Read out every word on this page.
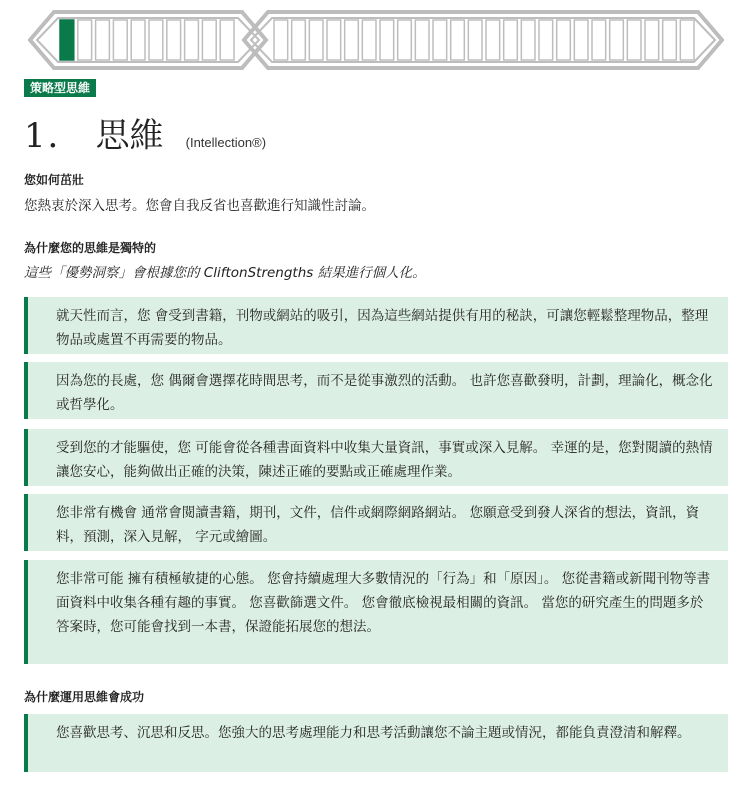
策略型思維
1． 思維 (Intellection®)
您如何茁壯
您熱衷於深入思考。您會自我反省也喜歡進行知識性討論。
為什麼您的思維是獨特的
這些「優勢洞察」會根據您的 CliftonStrengths 結果進行個人化。
就天性而言，您 會受到書籍，刊物或網站的吸引，因為這些網站提供有用的秘訣，可讓您輕鬆整理物品，整理物品或處置不再需要的物品。
因為您的長處，您 偶爾會選擇花時間思考，而不是從事激烈的活動。 也許您喜歡發明，計劃，理論化，概念化或哲學化。
受到您的才能驅使，您 可能會從各種書面資料中收集大量資訊，事實或深入見解。 幸運的是，您對閱讀的熱情讓您安心，能夠做出正確的決策，陳述正確的要點或正確處理作業。
您非常有機會 通常會閱讀書籍，期刊，文件，信件或網際網路網站。 您願意受到發人深省的想法，資訊，資料，預測，深入見解， 字元或繪圖。
您非常可能 擁有積極敏捷的心態。 您會持續處理大多數情況的「行為」和「原因」。 您從書籍或新聞刊物等書面資料中收集各種有趣的事實。 您喜歡篩選文件。 您會徹底檢視最相關的資訊。 當您的研究產生的問題多於答案時，您可能會找到一本書，保證能拓展您的想法。
為什麼運用思維會成功
您喜歡思考、沉思和反思。您強大的思考處理能力和思考活動讓您不論主題或情況，都能負責澄清和解釋。
